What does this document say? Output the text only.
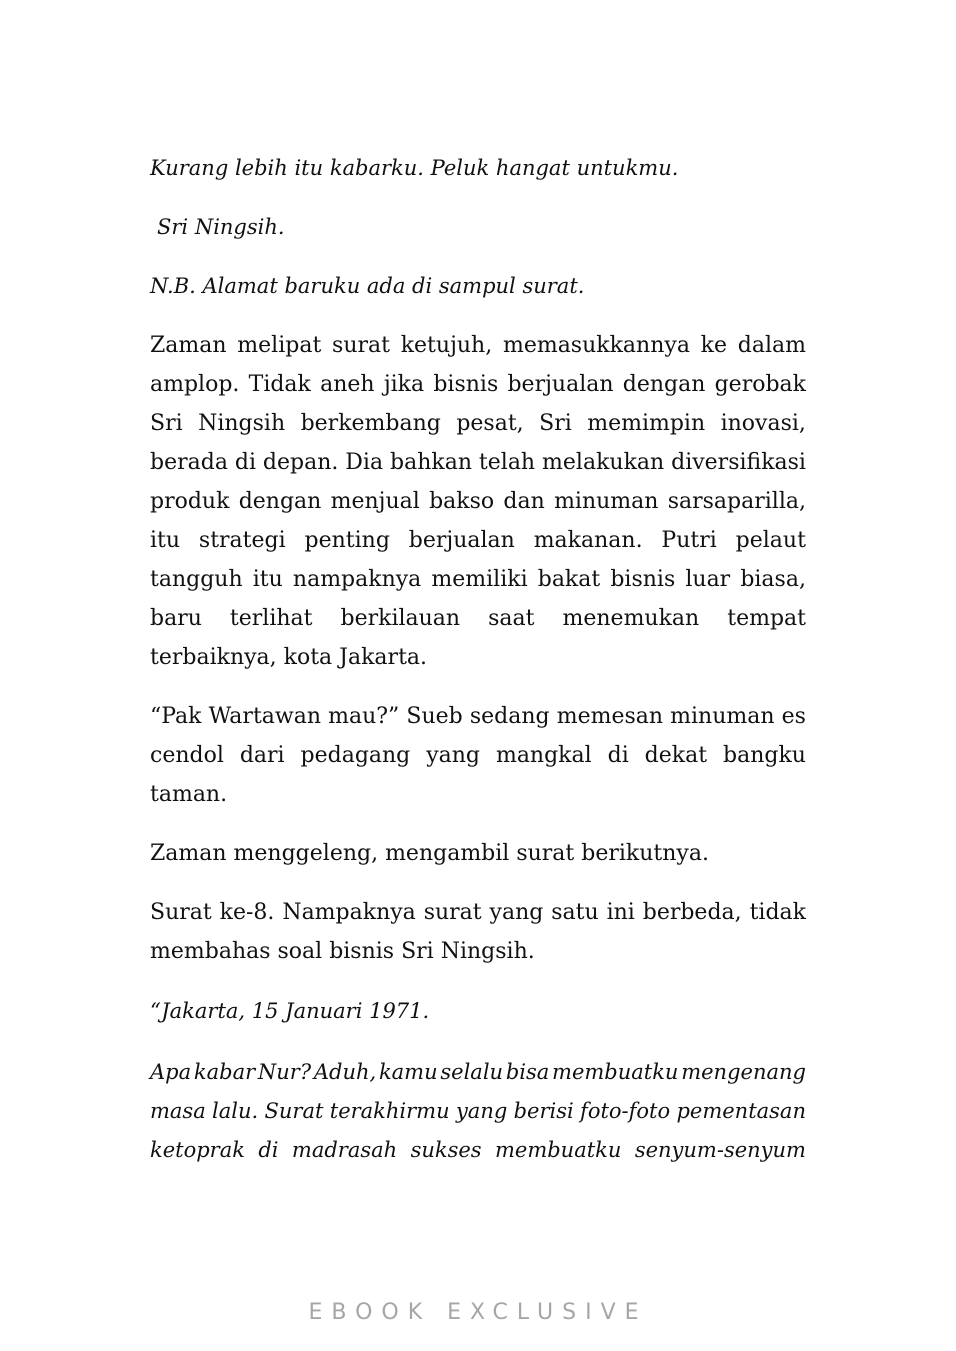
Kurang lebih itu kabarku. Peluk hangat untukmu.
Sri Ningsih.
N.B. Alamat baruku ada di sampul surat.
Zaman melipat surat ketujuh, memasukkannya ke dalam
amplop. Tidak aneh jika bisnis berjualan dengan gerobak
Sri Ningsih berkembang pesat, Sri memimpin inovasi,
berada di depan. Dia bahkan telah melakukan diversifikasi
produk dengan menjual bakso dan minuman sarsaparilla,
itu strategi penting berjualan makanan. Putri pelaut
tangguh itu nampaknya memiliki bakat bisnis luar biasa,
baru terlihat berkilauan saat menemukan tempat
terbaiknya, kota Jakarta.
“Pak Wartawan mau?” Sueb sedang memesan minuman es
cendol dari pedagang yang mangkal di dekat bangku
taman.
Zaman menggeleng, mengambil surat berikutnya.
Surat ke-8. Nampaknya surat yang satu ini berbeda, tidak
membahas soal bisnis Sri Ningsih.
“Jakarta, 15 Januari 1971.
Apa kabar Nur? Aduh, kamu selalu bisa membuatku mengenang
masa lalu. Surat terakhirmu yang berisi foto-foto pementasan
ketoprak di madrasah sukses membuatku senyum-senyum
EBOOK EXCLUSIVE
